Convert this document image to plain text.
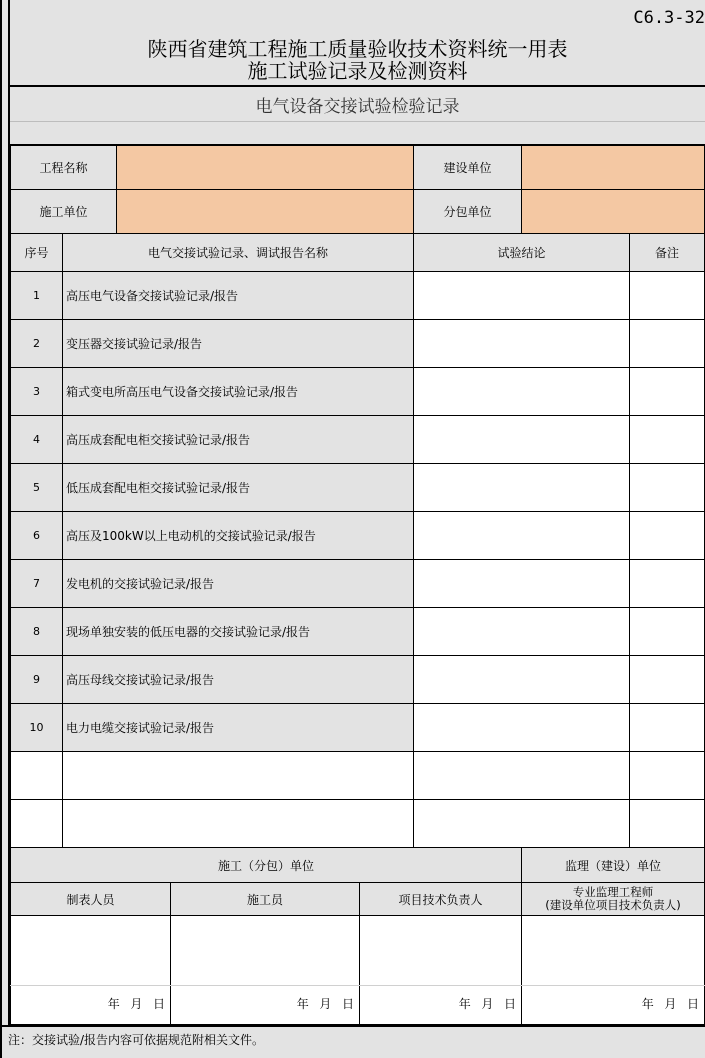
C6.3-32
陕西省建筑工程施工质量验收技术资料统一用表
施工试验记录及检测资料
电气设备交接试验检验记录
工程名称	建设单位
施工单位	分包单位
序号	电气交接试验记录、调试报告名称	试验结论	备注
1	高压电气设备交接试验记录/报告
2	变压器交接试验记录/报告
3	箱式变电所高压电气设备交接试验记录/报告
4	高压成套配电柜交接试验记录/报告
5	低压成套配电柜交接试验记录/报告
6	高压及100kW以上电动机的交接试验记录/报告
7	发电机的交接试验记录/报告
8	现场单独安装的低压电器的交接试验记录/报告
9	高压母线交接试验记录/报告
10	电力电缆交接试验记录/报告
施工（分包）单位	监理（建设）单位
制表人员	施工员	项目技术负责人
专业监理工程师
(建设单位项目技术负责人)
年  月  日	年  月  日	年  月  日	年  月  日
注：交接试验/报告内容可依据规范附相关文件。
